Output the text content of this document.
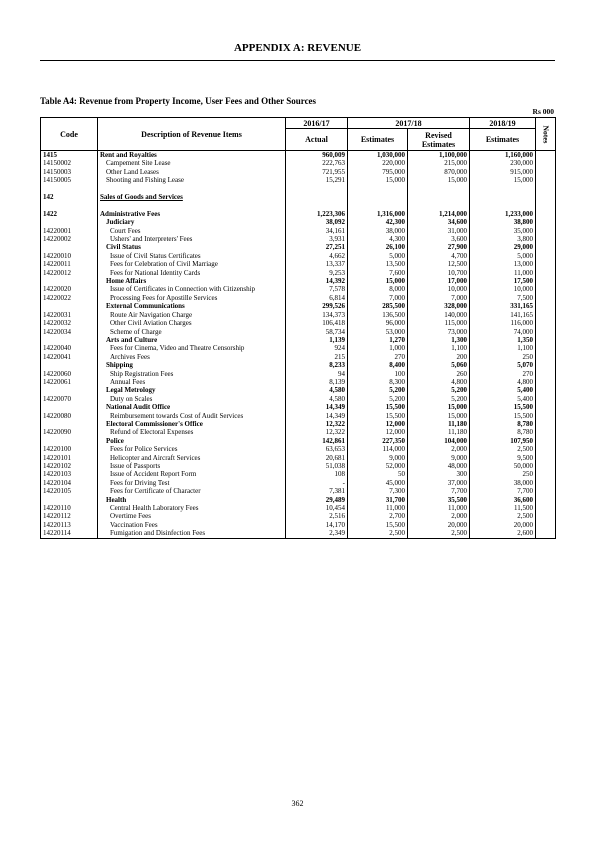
APPENDIX A: REVENUE
Table A4: Revenue from Property Income, User Fees and Other Sources
Rs 000
Code	Description of Revenue Items	2016/17	2017/18		2018/19	Notes
		Actual	Estimates	Revised Estimates	Estimates	
1415	Rent and Royalties	960,009	1,030,000	1,100,000	1,160,000	
14150002	Campement Site Lease	222,763	220,000	215,000	230,000	
14150003	Other Land Leases	721,955	795,000	870,000	915,000	
14150005	Shooting and Fishing Lease	15,291	15,000	15,000	15,000	

142	Sales of Goods and Services					

1422	Administrative Fees	1,223,306	1,316,000	1,214,000	1,233,000	
	Judiciary	38,092	42,300	34,600	38,800	
14220001	Court Fees	34,161	38,000	31,000	35,000	
14220002	Ushers' and Interpreters' Fees	3,931	4,300	3,600	3,800	
	Civil Status	27,251	26,100	27,900	29,000	
14220010	Issue of Civil Status Certificates	4,662	5,000	4,700	5,000	
14220011	Fees for Celebration of Civil Marriage	13,337	13,500	12,500	13,000	
14220012	Fees for National Identity Cards	9,253	7,600	10,700	11,000	
	Home Affairs	14,392	15,000	17,000	17,500	
14220020	Issue of Certificates in Connection with Citizenship	7,578	8,000	10,000	10,000	
14220022	Processing Fees for Apostille Services	6,814	7,000	7,000	7,500	
	External Communications	299,526	285,500	328,000	331,165	
14220031	Route Air Navigation Charge	134,373	136,500	140,000	141,165	
14220032	Other Civil Aviation Charges	106,418	96,000	115,000	116,000	
14220034	Scheme of Charge	58,734	53,000	73,000	74,000	
	Arts and Culture	1,139	1,270	1,300	1,350	
14220040	Fees for Cinema, Video and Theatre Censorship	924	1,000	1,100	1,100	
14220041	Archives Fees	215	270	200	250	
	Shipping	8,233	8,400	5,060	5,070	
14220060	Ship Registration Fees	94	100	260	270	
14220061	Annual Fees	8,139	8,300	4,800	4,800	
	Legal Metrology	4,580	5,200	5,200	5,400	
14220070	Duty on Scales	4,580	5,200	5,200	5,400	
	National Audit Office	14,349	15,500	15,000	15,500	
14220080	Reimbursement towards Cost of Audit Services	14,349	15,500	15,000	15,500	
	Electoral Commissioner's Office	12,322	12,000	11,180	8,780	
14220090	Refund of Electoral Expenses	12,322	12,000	11,180	8,780	
	Police	142,861	227,350	104,000	107,950	
14220100	Fees for Police Services	63,653	114,000	2,000	2,500	
14220101	Helicopter and Aircraft Services	20,681	9,000	9,000	9,500	
14220102	Issue of Passports	51,038	52,000	48,000	50,000	
14220103	Issue of Accident Report Form	108	50	300	250	
14220104	Fees for Driving Test	-	45,000	37,000	38,000	
14220105	Fees for Certificate of Character	7,381	7,300	7,700	7,700	
	Health	29,489	31,700	35,500	36,600	
14220110	Central Health Laboratory Fees	10,454	11,000	11,000	11,500	
14220112	Overtime Fees	2,516	2,700	2,000	2,500	
14220113	Vaccination Fees	14,170	15,500	20,000	20,000	
14220114	Fumigation and Disinfection Fees	2,349	2,500	2,500	2,600	
362
